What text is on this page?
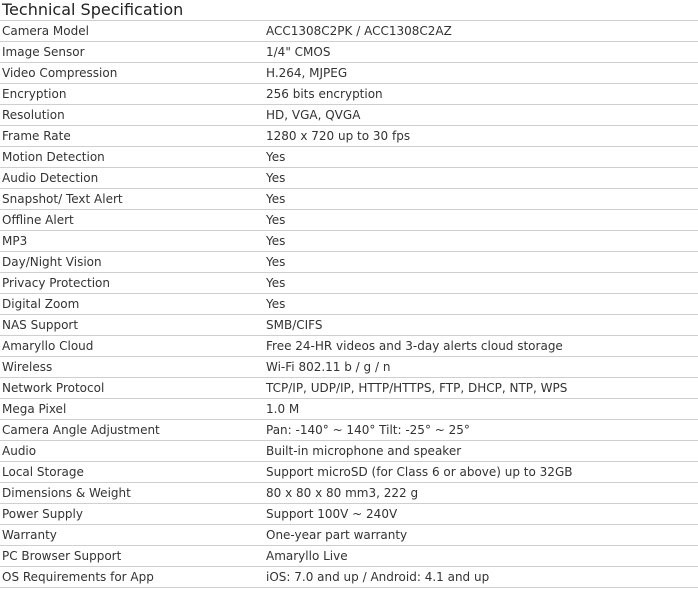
Technical Specification
Camera Model	ACC1308C2PK / ACC1308C2AZ
Image Sensor	1/4" CMOS
Video Compression	H.264, MJPEG
Encryption	256 bits encryption
Resolution	HD, VGA, QVGA
Frame Rate	1280 x 720 up to 30 fps
Motion Detection	Yes
Audio Detection	Yes
Snapshot/ Text Alert	Yes
Offline Alert	Yes
MP3	Yes
Day/Night Vision	Yes
Privacy Protection	Yes
Digital Zoom	Yes
NAS Support	SMB/CIFS
Amaryllo Cloud	Free 24-HR videos and 3-day alerts cloud storage
Wireless	Wi-Fi 802.11 b / g / n
Network Protocol	TCP/IP, UDP/IP, HTTP/HTTPS, FTP, DHCP, NTP, WPS
Mega Pixel	1.0 M
Camera Angle Adjustment	Pan: -140° ~ 140° Tilt: -25° ~ 25°
Audio	Built-in microphone and speaker
Local Storage	Support microSD (for Class 6 or above) up to 32GB
Dimensions & Weight	80 x 80 x 80 mm3, 222 g
Power Supply	Support 100V ~ 240V
Warranty	One-year part warranty
PC Browser Support	Amaryllo Live
OS Requirements for App	iOS: 7.0 and up / Android: 4.1 and up
